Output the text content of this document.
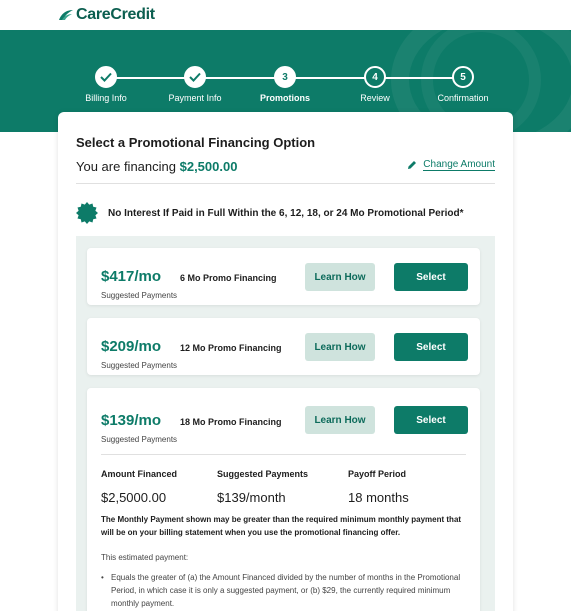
CareCredit
Billing Info	Payment Info
3
Promotions
4
Review
5
Confirmation
Select a Promotional Financing Option
You are financing $2,500.00	Change Amount
No Interest If Paid in Full Within the 6, 12, 18, or 24 Mo Promotional Period*
$417/mo 6 Mo Promo Financing
Suggested Payments
Learn How	Select
$209/mo 12 Mo Promo Financing
Suggested Payments
Learn How	Select
$139/mo 18 Mo Promo Financing
Suggested Payments
Learn How	Select
Amount Financed	Suggested Payments	Payoff Period
$2,5000.00	$139/month	18 months
The Monthly Payment shown may be greater than the required minimum monthly payment that will be on your billing statement when you use the promotional financing offer.
This estimated payment:
• Equals the greater of (a) the Amount Financed divided by the number of months in the Promotional Period, in which case it is only a suggested payment, or (b) $29, the currently required minimum monthly payment.
